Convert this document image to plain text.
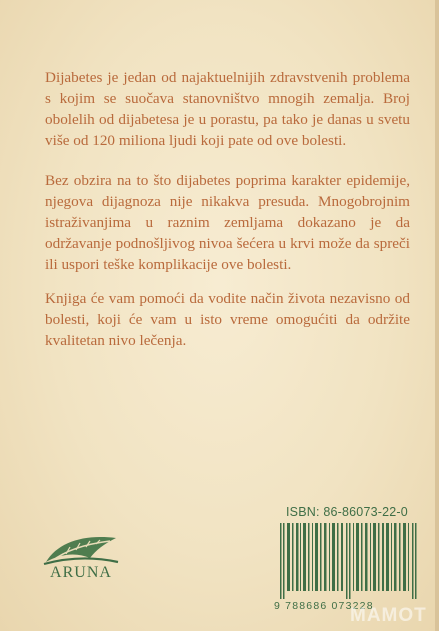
Dijabetes je jedan od najaktuelnijih zdravstvenih problema s kojim se suočava stanovništvo mnogih zemalja. Broj obolelih od dijabetesa je u porastu, pa tako je danas u svetu više od 120 miliona ljudi koji pate od ove bolesti.

Bez obzira na to što dijabetes poprima karakter epidemije, njegova dijagnoza nije nikakva presuda. Mnogobrojnim istraživanjima u raznim zemljama dokazano je da održavanje podnošljivog nivoa šećera u krvi može da spreči ili uspori teške komplikacije ove bolesti.

Knjiga će vam pomoći da vodite način života nezavisno od bolesti, koji će vam u isto vreme omogućiti da održite kvalitetan nivo lečenja.

ARUNA
ISBN: 86-86073-22-0
9 788686 073228
MAMOT
